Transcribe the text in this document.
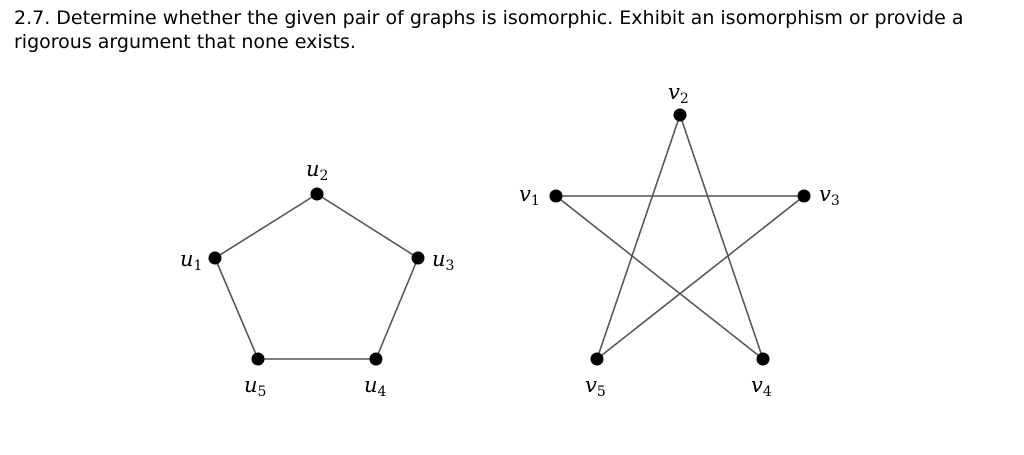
2.7. Determine whether the given pair of graphs is isomorphic. Exhibit an isomorphism or provide a rigorous argument that none exists.

u1
u2
u3
u4
u5
v1
v2
v3
v4
v5
